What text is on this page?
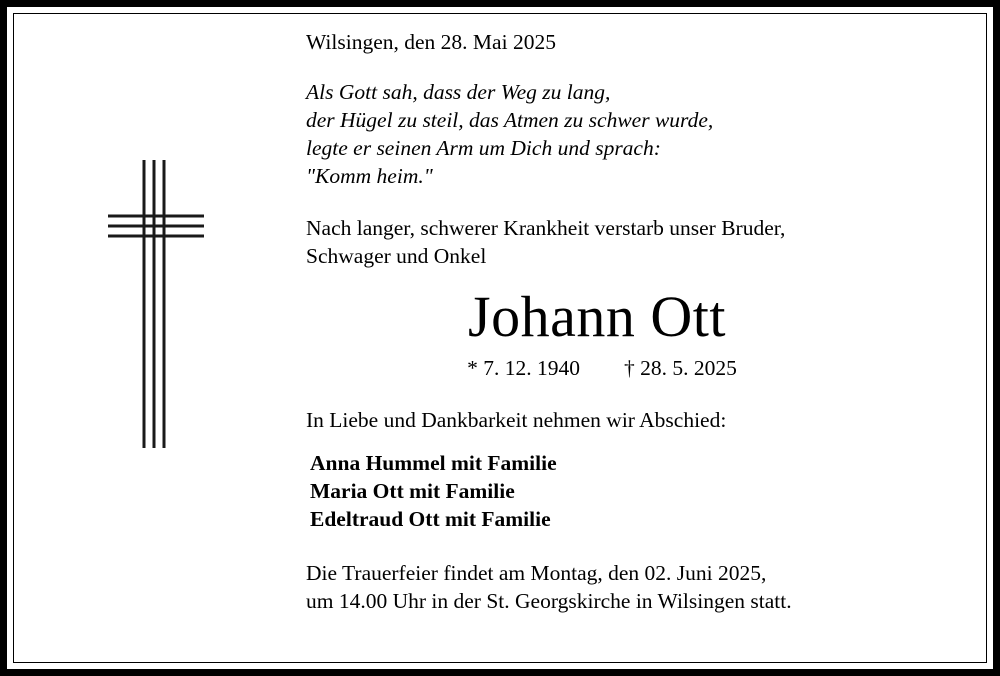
Wilsingen, den 28. Mai 2025
Als Gott sah, dass der Weg zu lang,
der Hügel zu steil, das Atmen zu schwer wurde,
legte er seinen Arm um Dich und sprach:
"Komm heim."
Nach langer, schwerer Krankheit verstarb unser Bruder,
Schwager und Onkel
Johann Ott
* 7. 12. 1940 † 28. 5. 2025
In Liebe und Dankbarkeit nehmen wir Abschied:
Anna Hummel mit Familie
Maria Ott mit Familie
Edeltraud Ott mit Familie
Die Trauerfeier findet am Montag, den 02. Juni 2025,
um 14.00 Uhr in der St. Georgskirche in Wilsingen statt.
